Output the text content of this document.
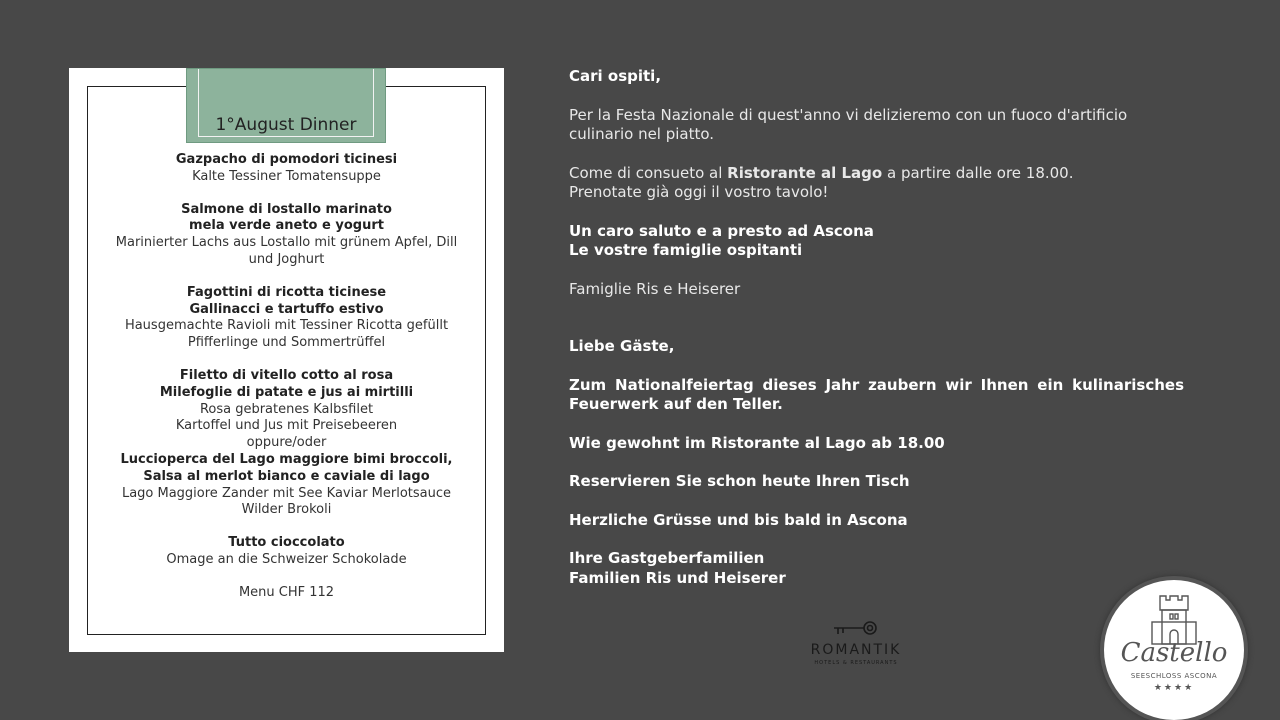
1°August Dinner
Gazpacho di pomodori ticinesi
Kalte Tessiner Tomatensuppe
Salmone di lostallo marinato
mela verde aneto e yogurt
Marinierter Lachs aus Lostallo mit grünem Apfel, Dill und Joghurt
Fagottini di ricotta ticinese
Gallinacci e tartuffo estivo
Hausgemachte Ravioli mit Tessiner Ricotta gefüllt
Pfifferlinge und Sommertrüffel
Filetto di vitello cotto al rosa
Milefoglie di patate e jus ai mirtilli
Rosa gebratenes Kalbsfilet
Kartoffel und Jus mit Preisebeeren
oppure/oder
Luccioperca del Lago maggiore bimi broccoli,
Salsa al merlot bianco e caviale di lago
Lago Maggiore Zander mit See Kaviar Merlotsauce
Wilder Brokoli
Tutto cioccolato
Omage an die Schweizer Schokolade
Menu CHF 112
Cari ospiti,
Per la Festa Nazionale di quest'anno vi delizieremo con un fuoco d'artificio culinario nel piatto.
Come di consueto al Ristorante al Lago a partire dalle ore 18.00.
Prenotate già oggi il vostro tavolo!
Un caro saluto e a presto ad Ascona
Le vostre famiglie ospitanti
Famiglie Ris e Heiserer
Liebe Gäste,
Zum Nationalfeiertag dieses Jahr zaubern wir Ihnen ein kulinarisches
Feuerwerk auf den Teller.
Wie gewohnt im Ristorante al Lago ab 18.00
Reservieren Sie schon heute Ihren Tisch
Herzliche Grüsse und bis bald in Ascona
Ihre Gastgeberfamilien
Familien Ris und Heiserer
ROMANTIK
HOTELS & RESTAURANTS	Castello
SEESCHLOSS ASCONA
★★★★
